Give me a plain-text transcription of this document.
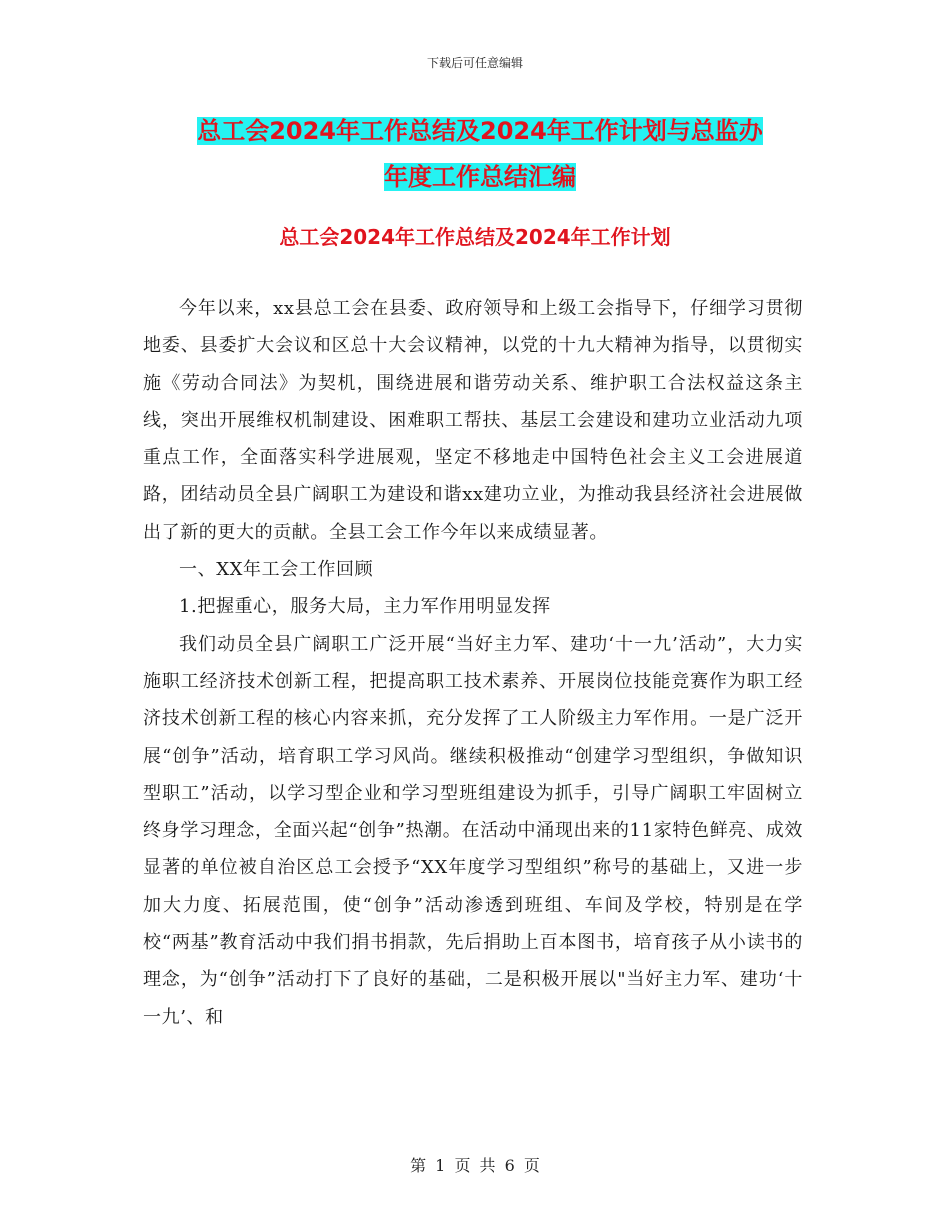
下载后可任意编辑
总工会2024年工作总结及2024年工作计划与总监办
年度工作总结汇编
总工会2024年工作总结及2024年工作计划

今年以来，xx县总工会在县委、政府领导和上级工会指导下，仔细学习贯彻地委、县委扩大会议和区总十大会议精神，以党的十九大精神为指导，以贯彻实施《劳动合同法》为契机，围绕进展和谐劳动关系、维护职工合法权益这条主线，突出开展维权机制建设、困难职工帮扶、基层工会建设和建功立业活动九项重点工作，全面落实科学进展观，坚定不移地走中国特色社会主义工会进展道路，团结动员全县广阔职工为建设和谐xx建功立业，为推动我县经济社会进展做出了新的更大的贡献。全县工会工作今年以来成绩显著。

一、XX年工会工作回顾

1.把握重心，服务大局，主力军作用明显发挥

我们动员全县广阔职工广泛开展“当好主力军、建功‘十一九’活动”，大力实施职工经济技术创新工程，把提高职工技术素养、开展岗位技能竞赛作为职工经济技术创新工程的核心内容来抓，充分发挥了工人阶级主力军作用。一是广泛开展“创争”活动，培育职工学习风尚。继续积极推动“创建学习型组织，争做知识型职工”活动，以学习型企业和学习型班组建设为抓手，引导广阔职工牢固树立终身学习理念，全面兴起“创争”热潮。在活动中涌现出来的11家特色鲜亮、成效显著的单位被自治区总工会授予“XX年度学习型组织”称号的基础上，又进一步加大力度、拓展范围，使“创争”活动渗透到班组、车间及学校，特别是在学校“两基”教育活动中我们捐书捐款，先后捐助上百本图书，培育孩子从小读书的理念，为“创争”活动打下了良好的基础，二是积极开展以"当好主力军、建功‘十一九’、和

第 1 页 共 6 页
